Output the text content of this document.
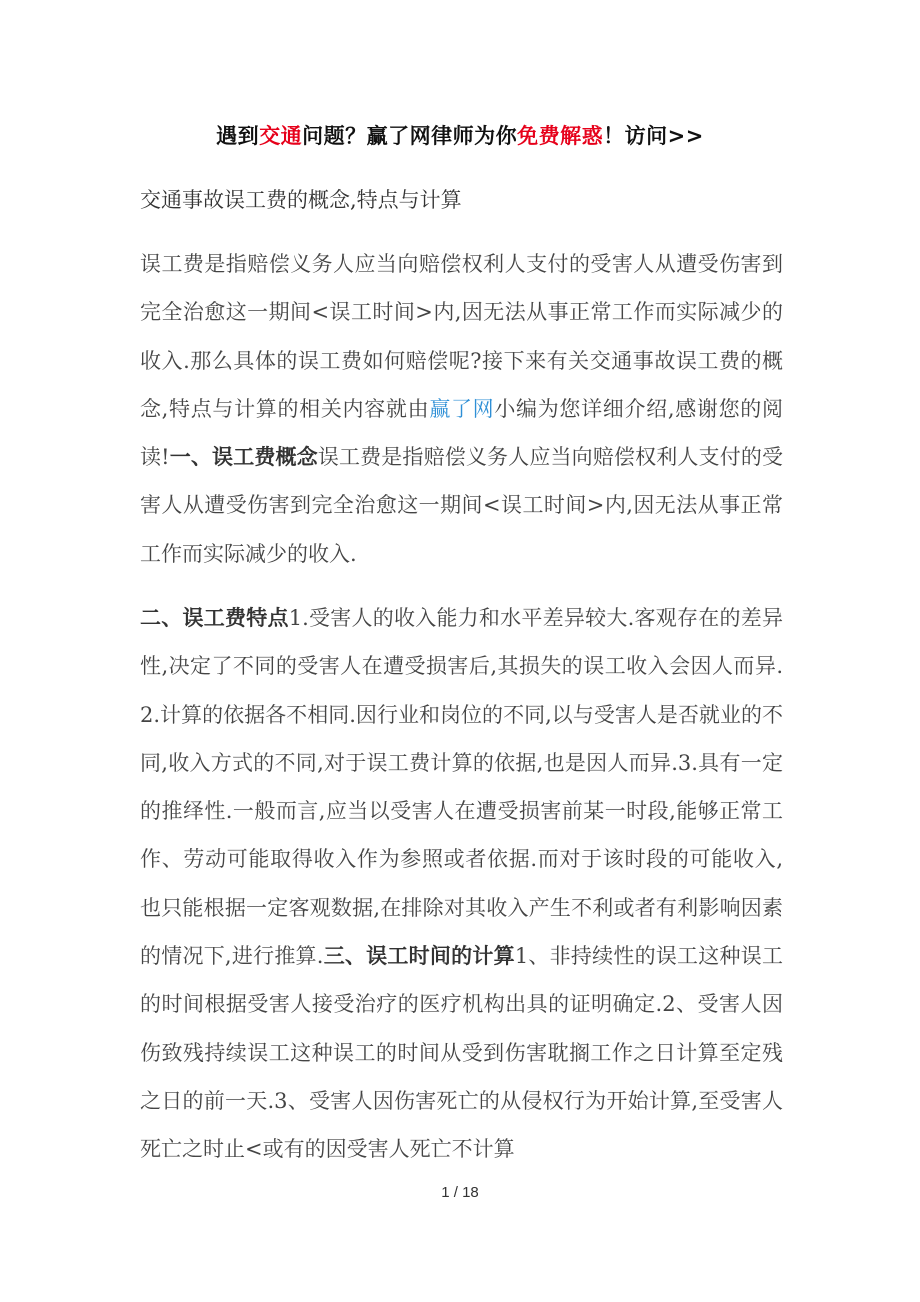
遇到交通问题？赢了网律师为你免费解惑！访问>>
交通事故误工费的概念,特点与计算
误工费是指赔偿义务人应当向赔偿权利人支付的受害人从遭受伤害到完全治愈这一期间<误工时间>内,因无法从事正常工作而实际减少的收入.那么具体的误工费如何赔偿呢?接下来有关交通事故误工费的概念,特点与计算的相关内容就由赢了网小编为您详细介绍,感谢您的阅读!一、误工费概念误工费是指赔偿义务人应当向赔偿权利人支付的受害人从遭受伤害到完全治愈这一期间<误工时间>内,因无法从事正常工作而实际减少的收入.
二、误工费特点1.受害人的收入能力和水平差异较大.客观存在的差异性,决定了不同的受害人在遭受损害后,其损失的误工收入会因人而异.2.计算的依据各不相同.因行业和岗位的不同,以与受害人是否就业的不同,收入方式的不同,对于误工费计算的依据,也是因人而异.3.具有一定的推绎性.一般而言,应当以受害人在遭受损害前某一时段,能够正常工作、劳动可能取得收入作为参照或者依据.而对于该时段的可能收入,也只能根据一定客观数据,在排除对其收入产生不利或者有利影响因素的情况下,进行推算.三、误工时间的计算1、非持续性的误工这种误工的时间根据受害人接受治疗的医疗机构出具的证明确定.2、受害人因伤致残持续误工这种误工的时间从受到伤害耽搁工作之日计算至定残之日的前一天.3、受害人因伤害死亡的从侵权行为开始计算,至受害人死亡之时止<或有的因受害人死亡不计算
1 / 18
